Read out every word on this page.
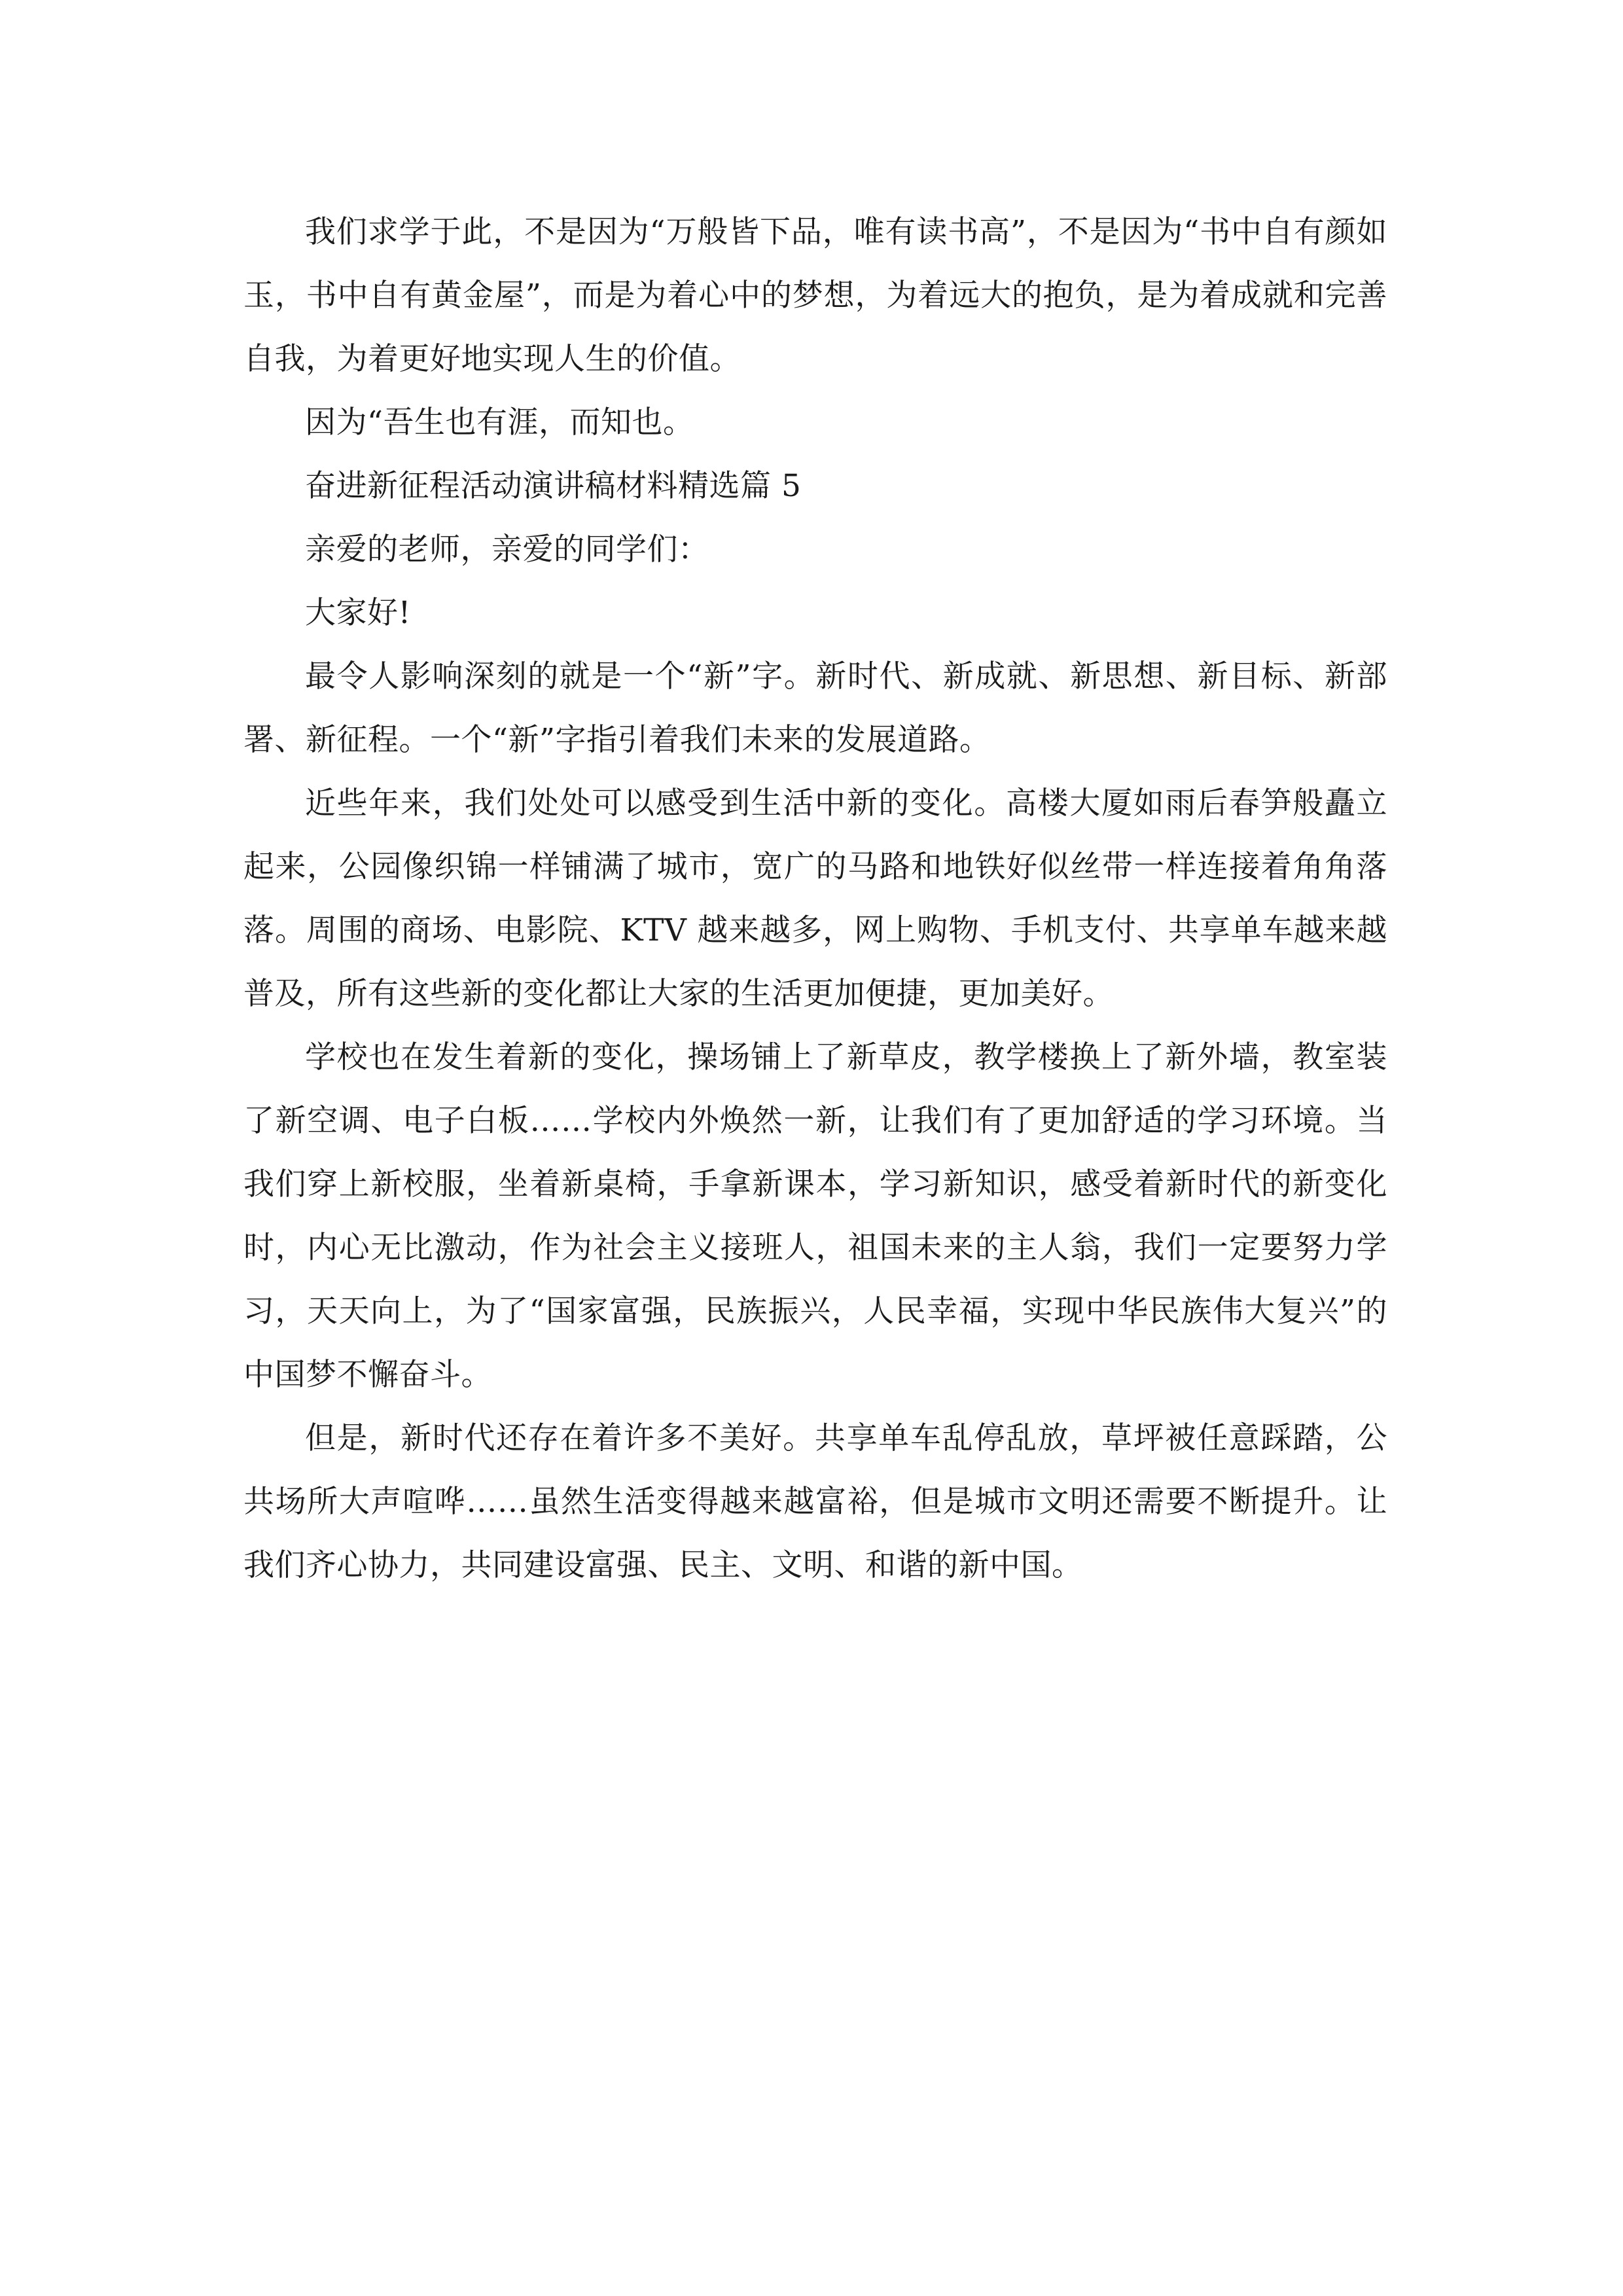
我们求学于此，不是因为“万般皆下品，唯有读书高”，不是因为“书中自有颜如玉，书中自有黄金屋”，而是为着心中的梦想，为着远大的抱负，是为着成就和完善自我，为着更好地实现人生的价值。

因为“吾生也有涯，而知也。

奋进新征程活动演讲稿材料精选篇 5

亲爱的老师，亲爱的同学们：

大家好!

最令人影响深刻的就是一个“新”字。新时代、新成就、新思想、新目标、新部署、新征程。一个“新”字指引着我们未来的发展道路。

近些年来，我们处处可以感受到生活中新的变化。高楼大厦如雨后春笋般矗立起来，公园像织锦一样铺满了城市，宽广的马路和地铁好似丝带一样连接着角角落落。周围的商场、电影院、KTV 越来越多，网上购物、手机支付、共享单车越来越普及，所有这些新的变化都让大家的生活更加便捷，更加美好。

学校也在发生着新的变化，操场铺上了新草皮，教学楼换上了新外墙，教室装了新空调、电子白板……学校内外焕然一新，让我们有了更加舒适的学习环境。当我们穿上新校服，坐着新桌椅，手拿新课本，学习新知识，感受着新时代的新变化时，内心无比激动，作为社会主义接班人，祖国未来的主人翁，我们一定要努力学习，天天向上，为了“国家富强，民族振兴，人民幸福，实现中华民族伟大复兴”的中国梦不懈奋斗。

但是，新时代还存在着许多不美好。共享单车乱停乱放，草坪被任意踩踏，公共场所大声喧哗……虽然生活变得越来越富裕，但是城市文明还需要不断提升。让我们齐心协力，共同建设富强、民主、文明、和谐的新中国。
